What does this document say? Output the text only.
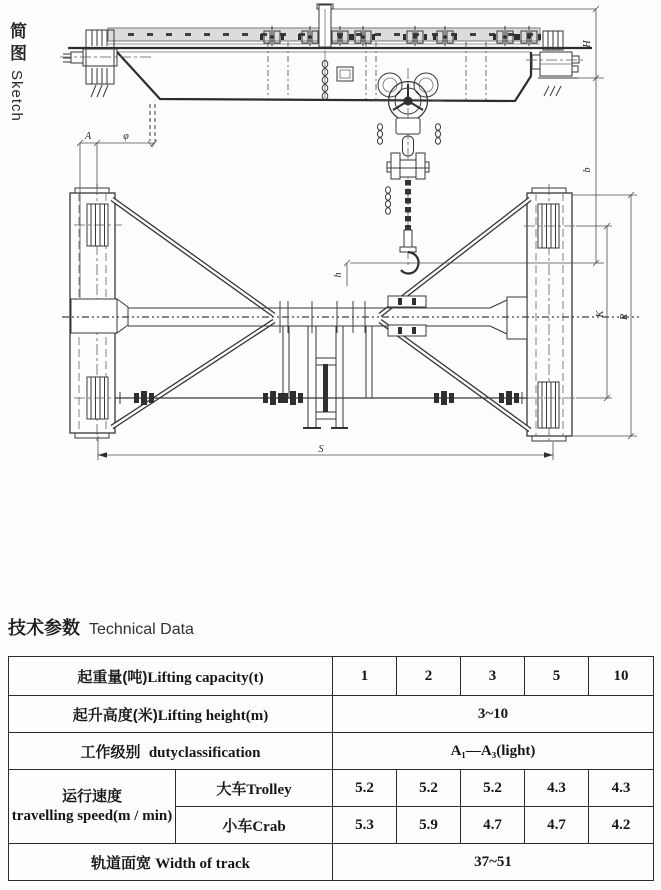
简图 Sketch
H
b
h
A	φ
S
K R
技术参数 Technical Data
起重量(吨)Lifting capacity(t)		1	2	3	5	10
起升高度(米)Lifting height(m)		3~10				
工作级别 dutyclassification		A₁—A₃(light)				

运行速度
travelling speed(m / min)	大车Trolley	5.2	5.2	5.2	4.3	4.3
	小车Crab	5.3	5.9	4.7	4.7	4.2
轨道面宽 Width of track		37~51				
